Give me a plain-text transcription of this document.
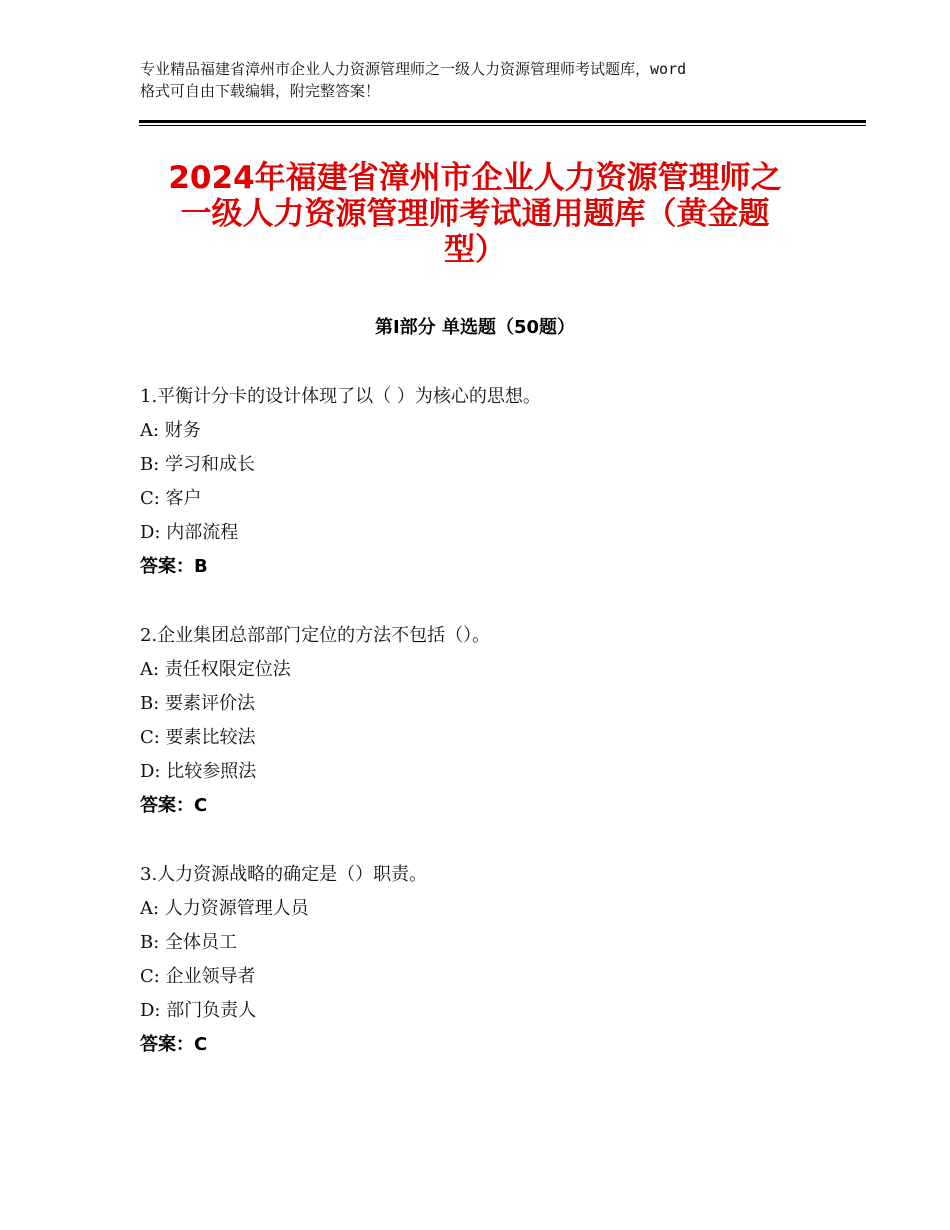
专业精品福建省漳州市企业人力资源管理师之一级人力资源管理师考试题库，word
格式可自由下载编辑，附完整答案！
2024年福建省漳州市企业人力资源管理师之
一级人力资源管理师考试通用题库（黄金题
型）
第Ⅰ部分 单选题（50题）
1.平衡计分卡的设计体现了以（ ）为核心的思想。
A: 财务
B: 学习和成长
C: 客户
D: 内部流程
答案：B
2.企业集团总部部门定位的方法不包括（）。
A: 责任权限定位法
B: 要素评价法
C: 要素比较法
D: 比较参照法
答案：C
3.人力资源战略的确定是（）职责。
A: 人力资源管理人员
B: 全体员工
C: 企业领导者
D: 部门负责人
答案：C
